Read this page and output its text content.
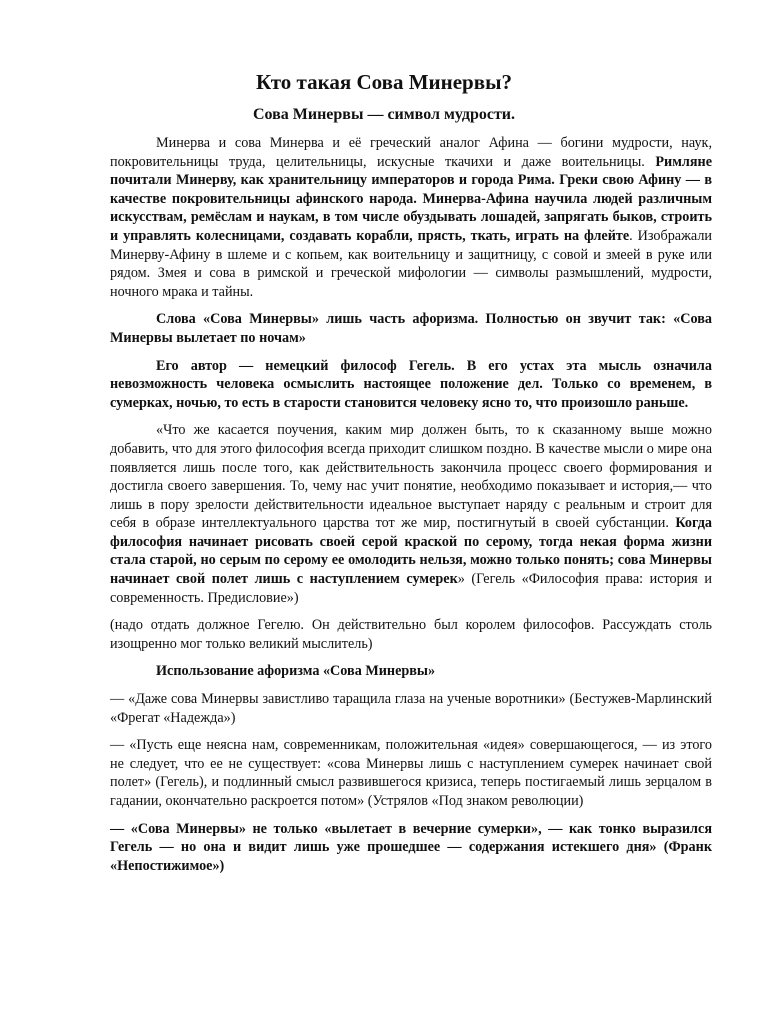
Кто такая Сова Минервы?
Сова Минервы — символ мудрости.

Минерва и сова Минерва и её греческий аналог Афина — богини мудрости, наук, покровительницы труда, целительницы, искусные ткачихи и даже воительницы. Римляне почитали Минерву, как хранительницу императоров и города Рима. Греки свою Афину — в качестве покровительницы афинского народа. Минерва-Афина научила людей различным искусствам, ремёслам и наукам, в том числе обуздывать лошадей, запрягать быков, строить и управлять колесницами, создавать корабли, прясть, ткать, играть на флейте. Изображали Минерву-Афину в шлеме и с копьем, как воительницу и защитницу, с совой и змеей в руке или рядом. Змея и сова в римской и греческой мифологии — символы размышлений, мудрости, ночного мрака и тайны.

Слова «Сова Минервы» лишь часть афоризма. Полностью он звучит так: «Сова Минервы вылетает по ночам»

Его автор — немецкий философ Гегель. В его устах эта мысль означила невозможность человека осмыслить настоящее положение дел. Только со временем, в сумерках, ночью, то есть в старости становится человеку ясно то, что произошло раньше.

«Что же касается поучения, каким мир должен быть, то к сказанному выше можно добавить, что для этого философия всегда приходит слишком поздно. В качестве мысли о мире она появляется лишь после того, как действительность закончила процесс своего формирования и достигла своего завершения. То, чему нас учит понятие, необходимо показывает и история,— что лишь в пору зрелости действительности идеальное выступает наряду с реальным и строит для себя в образе интеллектуального царства тот же мир, постигнутый в своей субстанции. Когда философия начинает рисовать своей серой краской по серому, тогда некая форма жизни стала старой, но серым по серому ее омолодить нельзя, можно только понять; сова Минервы начинает свой полет лишь с наступлением сумерек» (Гегель «Философия права: история и современность. Предисловие»)

(надо отдать должное Гегелю. Он действительно был королем философов. Рассуждать столь изощренно мог только великий мыслитель)

Использование афоризма «Сова Минервы»

— «Даже сова Минервы завистливо таращила глаза на ученые воротники» (Бестужев-Марлинский «Фрегат «Надежда»)

— «Пусть еще неясна нам, современникам, положительная «идея» совершающегося, — из этого не следует, что ее не существует: «сова Минервы лишь с наступлением сумерек начинает свой полет» (Гегель), и подлинный смысл развившегося кризиса, теперь постигаемый лишь зерцалом в гадании, окончательно раскроется потом» (Устрялов «Под знаком революции)

— «Сова Минервы» не только «вылетает в вечерние сумерки», — как тонко выразился Гегель — но она и видит лишь уже прошедшее — содержания истекшего дня» (Франк «Непостижимое»)
